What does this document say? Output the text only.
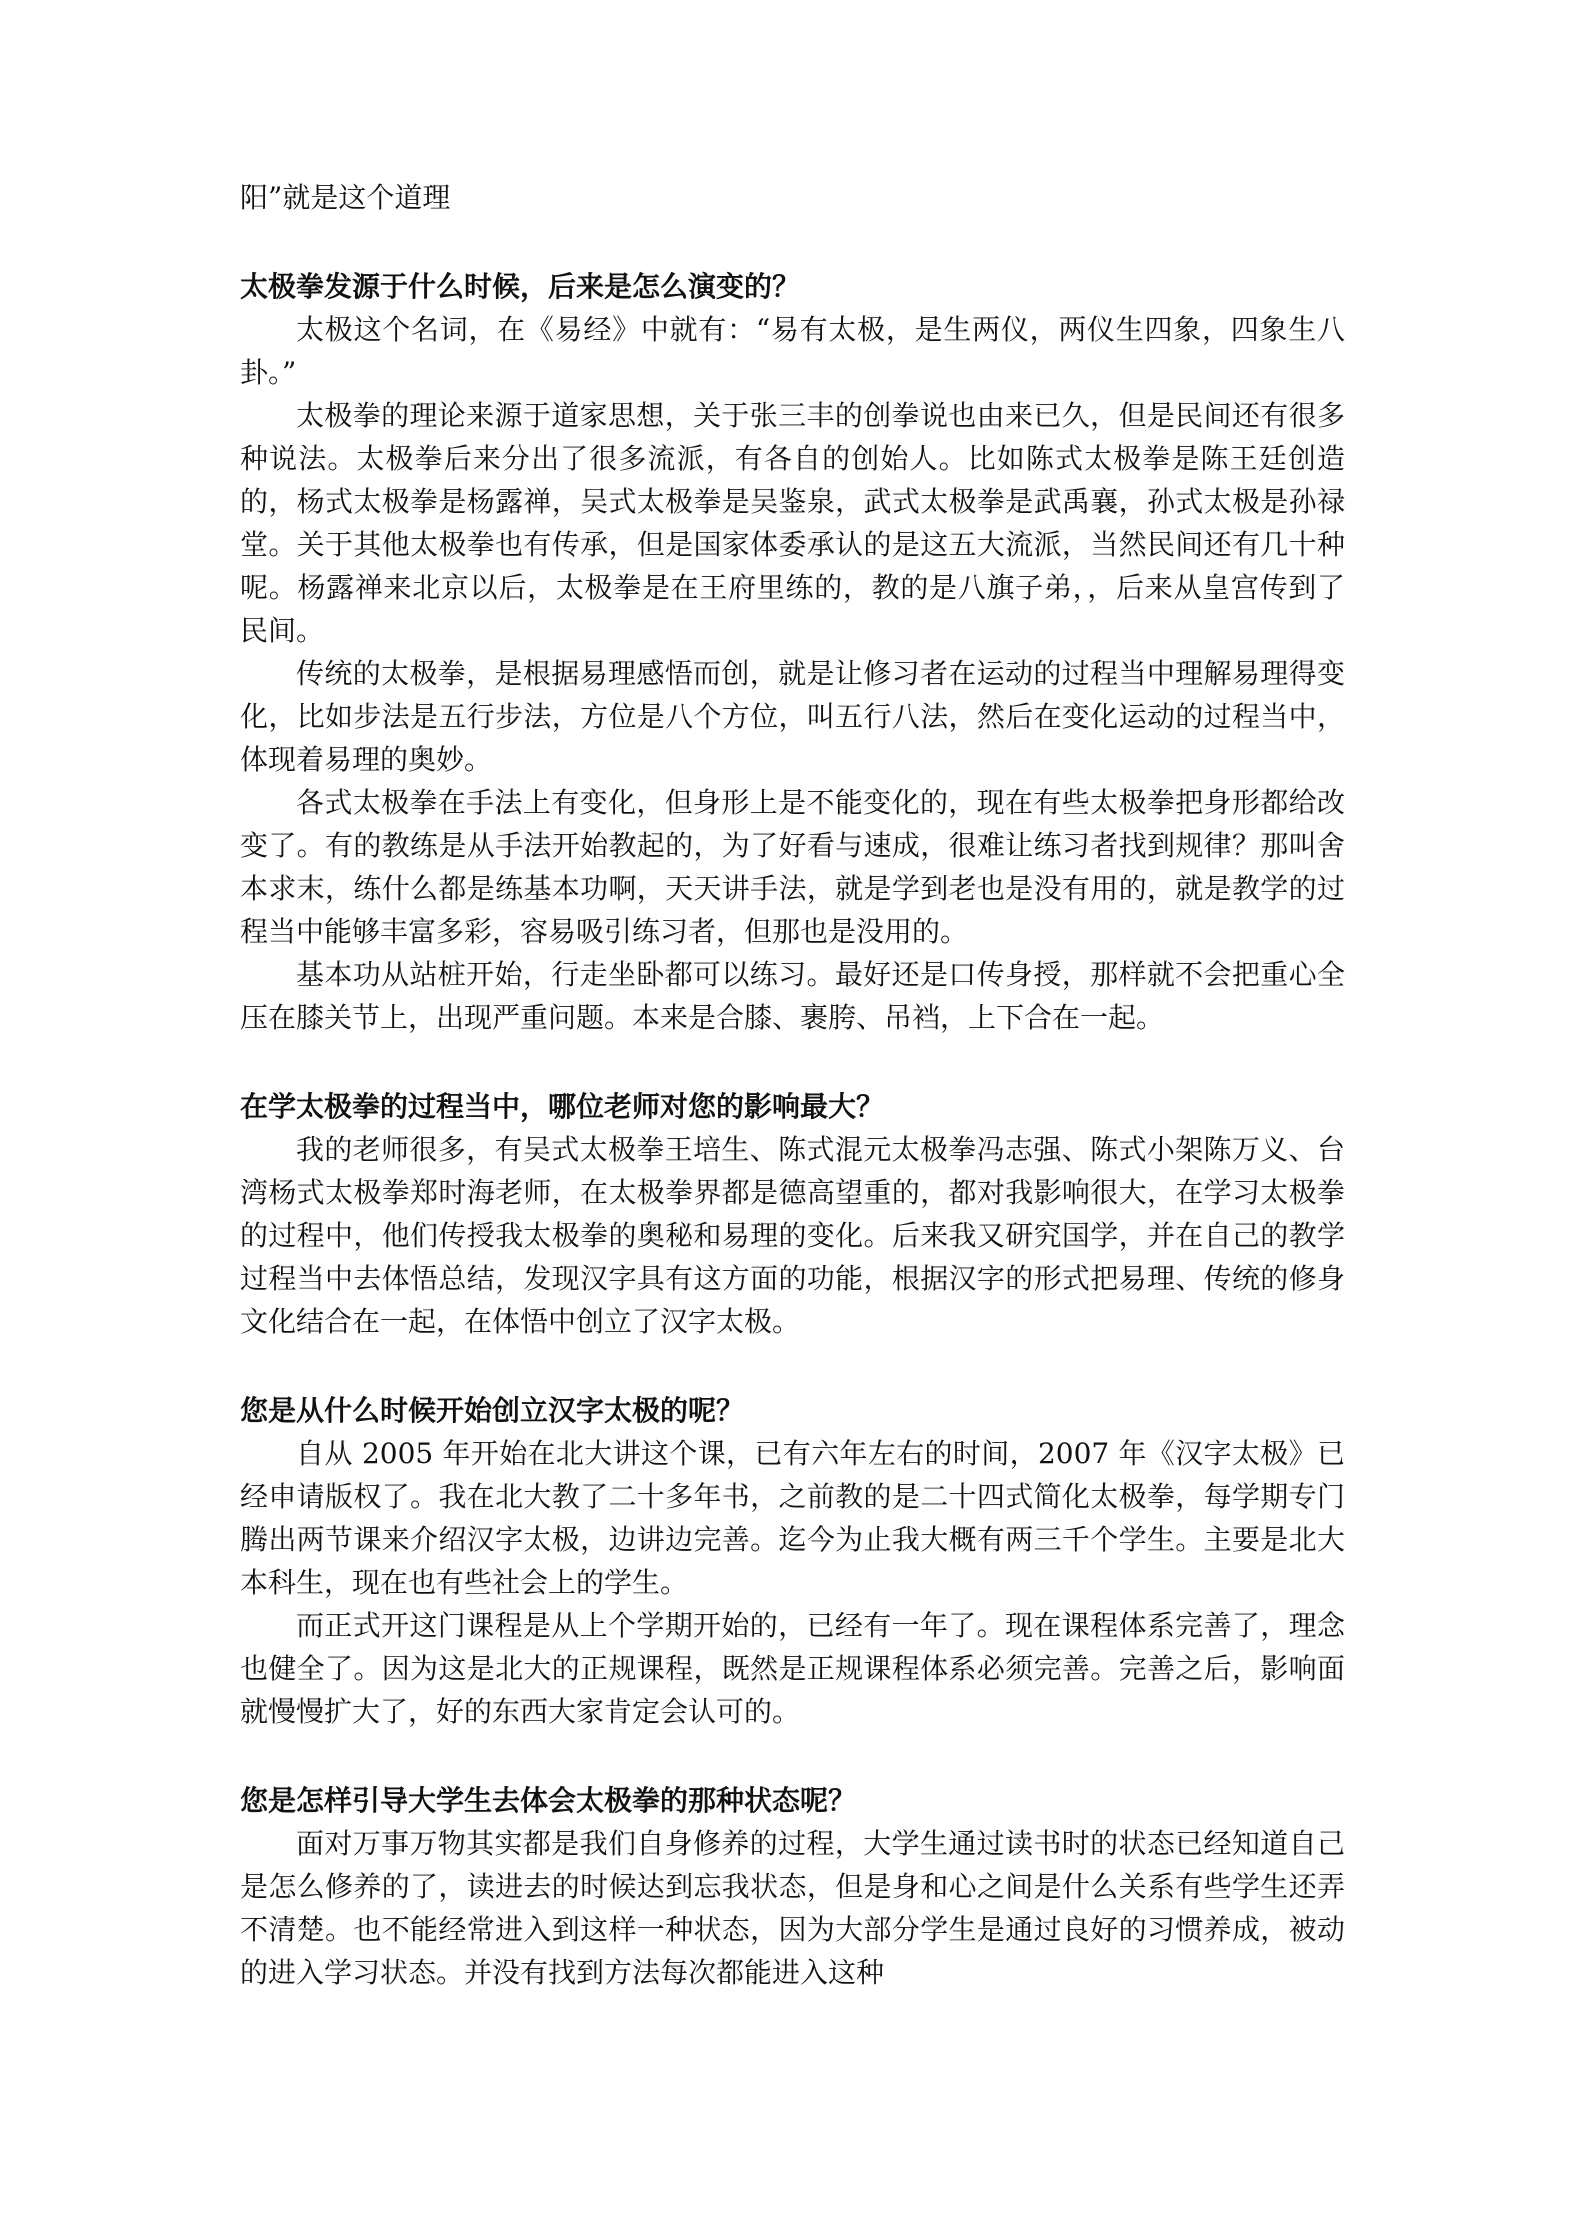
阳”就是这个道理

太极拳发源于什么时候，后来是怎么演变的？

太极这个名词，在《易经》中就有：“易有太极，是生两仪，两仪生四象，四象生八卦。”

太极拳的理论来源于道家思想，关于张三丰的创拳说也由来已久，但是民间还有很多种说法。太极拳后来分出了很多流派，有各自的创始人。比如陈式太极拳是陈王廷创造的，杨式太极拳是杨露禅，吴式太极拳是吴鉴泉，武式太极拳是武禹襄，孙式太极是孙禄堂。关于其他太极拳也有传承，但是国家体委承认的是这五大流派，当然民间还有几十种呢。杨露禅来北京以后，太极拳是在王府里练的，教的是八旗子弟，，后来从皇宫传到了民间。

传统的太极拳，是根据易理感悟而创，就是让修习者在运动的过程当中理解易理得变化，比如步法是五行步法，方位是八个方位，叫五行八法，然后在变化运动的过程当中，体现着易理的奥妙。

各式太极拳在手法上有变化，但身形上是不能变化的，现在有些太极拳把身形都给改变了。有的教练是从手法开始教起的，为了好看与速成，很难让练习者找到规律？那叫舍本求末，练什么都是练基本功啊，天天讲手法，就是学到老也是没有用的，就是教学的过程当中能够丰富多彩，容易吸引练习者，但那也是没用的。

基本功从站桩开始，行走坐卧都可以练习。最好还是口传身授，那样就不会把重心全压在膝关节上，出现严重问题。本来是合膝、裹胯、吊裆，上下合在一起。

在学太极拳的过程当中，哪位老师对您的影响最大？

我的老师很多，有吴式太极拳王培生、陈式混元太极拳冯志强、陈式小架陈万义、台湾杨式太极拳郑时海老师，在太极拳界都是德高望重的，都对我影响很大，在学习太极拳的过程中，他们传授我太极拳的奥秘和易理的变化。后来我又研究国学，并在自己的教学过程当中去体悟总结，发现汉字具有这方面的功能，根据汉字的形式把易理、传统的修身文化结合在一起，在体悟中创立了汉字太极。

您是从什么时候开始创立汉字太极的呢？

自从 2005 年开始在北大讲这个课，已有六年左右的时间，2007 年《汉字太极》已经申请版权了。我在北大教了二十多年书，之前教的是二十四式简化太极拳，每学期专门腾出两节课来介绍汉字太极，边讲边完善。迄今为止我大概有两三千个学生。主要是北大本科生，现在也有些社会上的学生。

而正式开这门课程是从上个学期开始的，已经有一年了。现在课程体系完善了，理念也健全了。因为这是北大的正规课程，既然是正规课程体系必须完善。完善之后，影响面就慢慢扩大了，好的东西大家肯定会认可的。

您是怎样引导大学生去体会太极拳的那种状态呢？

面对万事万物其实都是我们自身修养的过程，大学生通过读书时的状态已经知道自己是怎么修养的了，读进去的时候达到忘我状态，但是身和心之间是什么关系有些学生还弄不清楚。也不能经常进入到这样一种状态，因为大部分学生是通过良好的习惯养成，被动的进入学习状态。并没有找到方法每次都能进入这种
